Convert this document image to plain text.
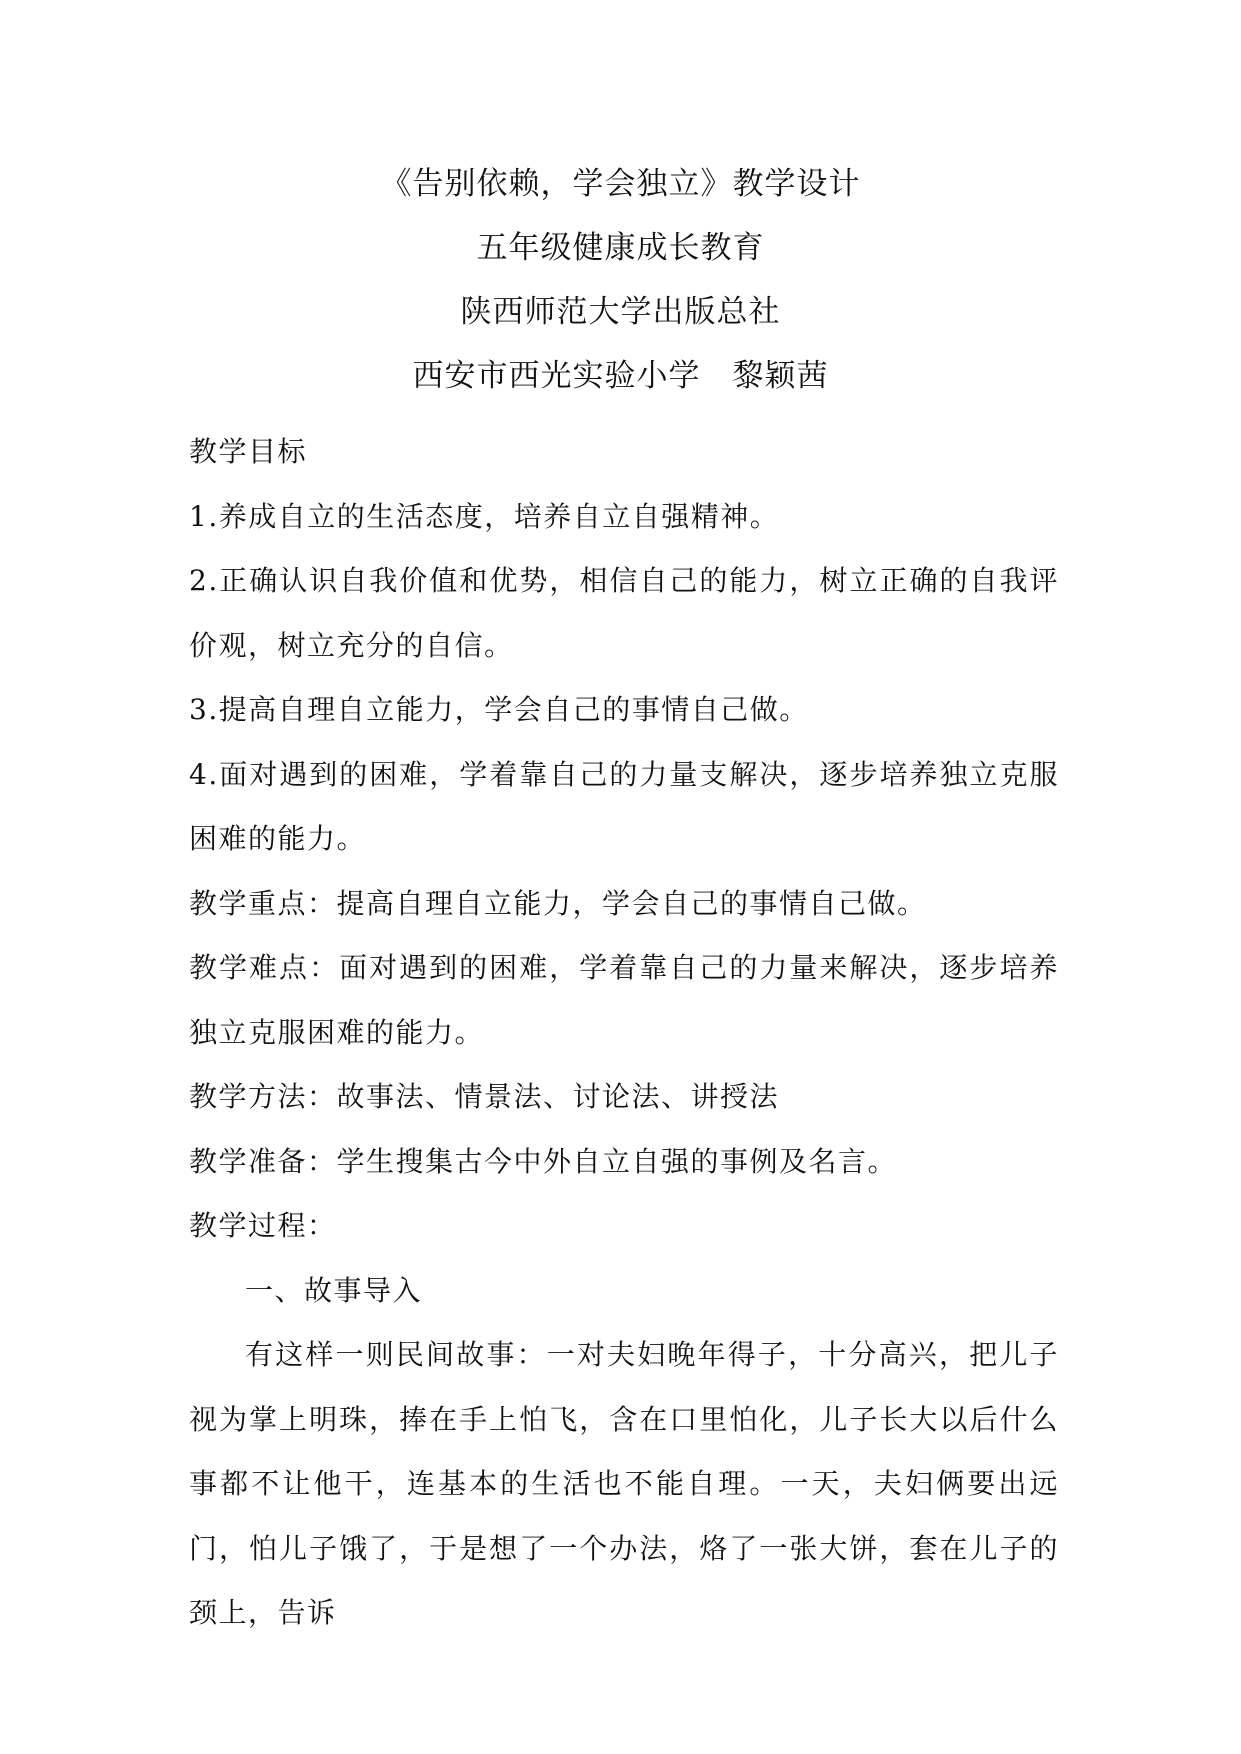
《告别依赖，学会独立》教学设计
五年级健康成长教育
陕西师范大学出版总社
西安市西光实验小学　黎颖茜

教学目标

1.养成自立的生活态度，培养自立自强精神。

2.正确认识自我价值和优势，相信自己的能力，树立正确的自我评价观，树立充分的自信。

3.提高自理自立能力，学会自己的事情自己做。

4.面对遇到的困难，学着靠自己的力量支解决，逐步培养独立克服困难的能力。

教学重点：提高自理自立能力，学会自己的事情自己做。

教学难点：面对遇到的困难，学着靠自己的力量来解决，逐步培养独立克服困难的能力。

教学方法：故事法、情景法、讨论法、讲授法

教学准备：学生搜集古今中外自立自强的事例及名言。

教学过程：

一、故事导入

有这样一则民间故事：一对夫妇晚年得子，十分高兴，把儿子视为掌上明珠，捧在手上怕飞，含在口里怕化，儿子长大以后什么事都不让他干，连基本的生活也不能自理。一天，夫妇俩要出远门，怕儿子饿了，于是想了一个办法，烙了一张大饼，套在儿子的颈上，告诉
